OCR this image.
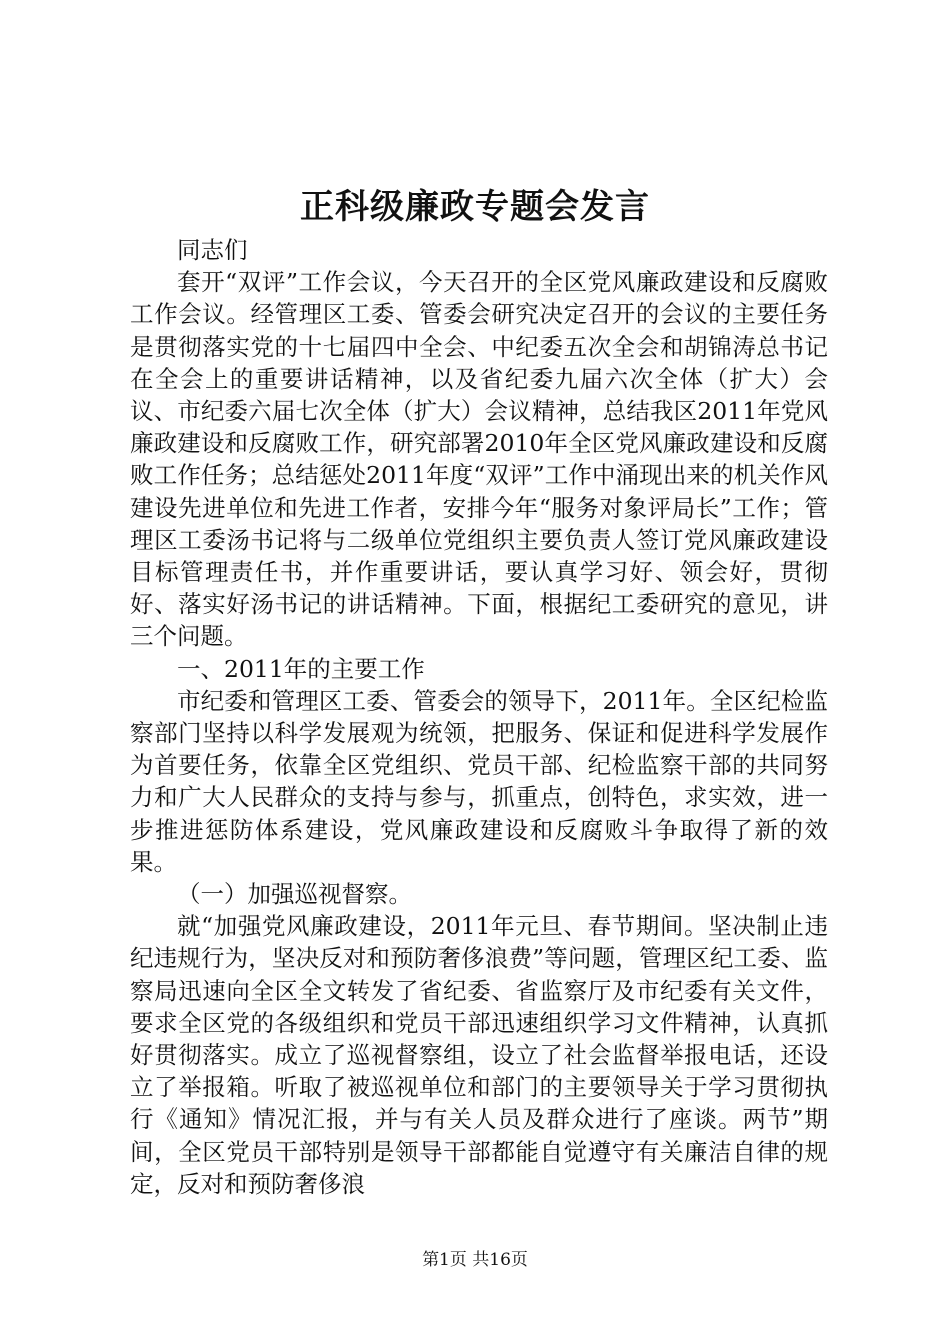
正科级廉政专题会发言

同志们

套开“双评”工作会议，今天召开的全区党风廉政建设和反腐败工作会议。经管理区工委、管委会研究决定召开的会议的主要任务是贯彻落实党的十七届四中全会、中纪委五次全会和胡锦涛总书记在全会上的重要讲话精神，以及省纪委九届六次全体（扩大）会议、市纪委六届七次全体（扩大）会议精神，总结我区2011年党风廉政建设和反腐败工作，研究部署2010年全区党风廉政建设和反腐败工作任务；总结惩处2011年度“双评”工作中涌现出来的机关作风建设先进单位和先进工作者，安排今年“服务对象评局长”工作；管理区工委汤书记将与二级单位党组织主要负责人签订党风廉政建设目标管理责任书，并作重要讲话，要认真学习好、领会好，贯彻好、落实好汤书记的讲话精神。下面，根据纪工委研究的意见，讲三个问题。

一、2011年的主要工作

市纪委和管理区工委、管委会的领导下，2011年。全区纪检监察部门坚持以科学发展观为统领，把服务、保证和促进科学发展作为首要任务，依靠全区党组织、党员干部、纪检监察干部的共同努力和广大人民群众的支持与参与，抓重点，创特色，求实效，进一步推进惩防体系建设，党风廉政建设和反腐败斗争取得了新的效果。

（一）加强巡视督察。

就“加强党风廉政建设，2011年元旦、春节期间。坚决制止违纪违规行为，坚决反对和预防奢侈浪费”等问题，管理区纪工委、监察局迅速向全区全文转发了省纪委、省监察厅及市纪委有关文件，要求全区党的各级组织和党员干部迅速组织学习文件精神，认真抓好贯彻落实。成立了巡视督察组，设立了社会监督举报电话，还设立了举报箱。听取了被巡视单位和部门的主要领导关于学习贯彻执行《通知》情况汇报，并与有关人员及群众进行了座谈。两节”期间，全区党员干部特别是领导干部都能自觉遵守有关廉洁自律的规定，反对和预防奢侈浪

第1页 共16页
